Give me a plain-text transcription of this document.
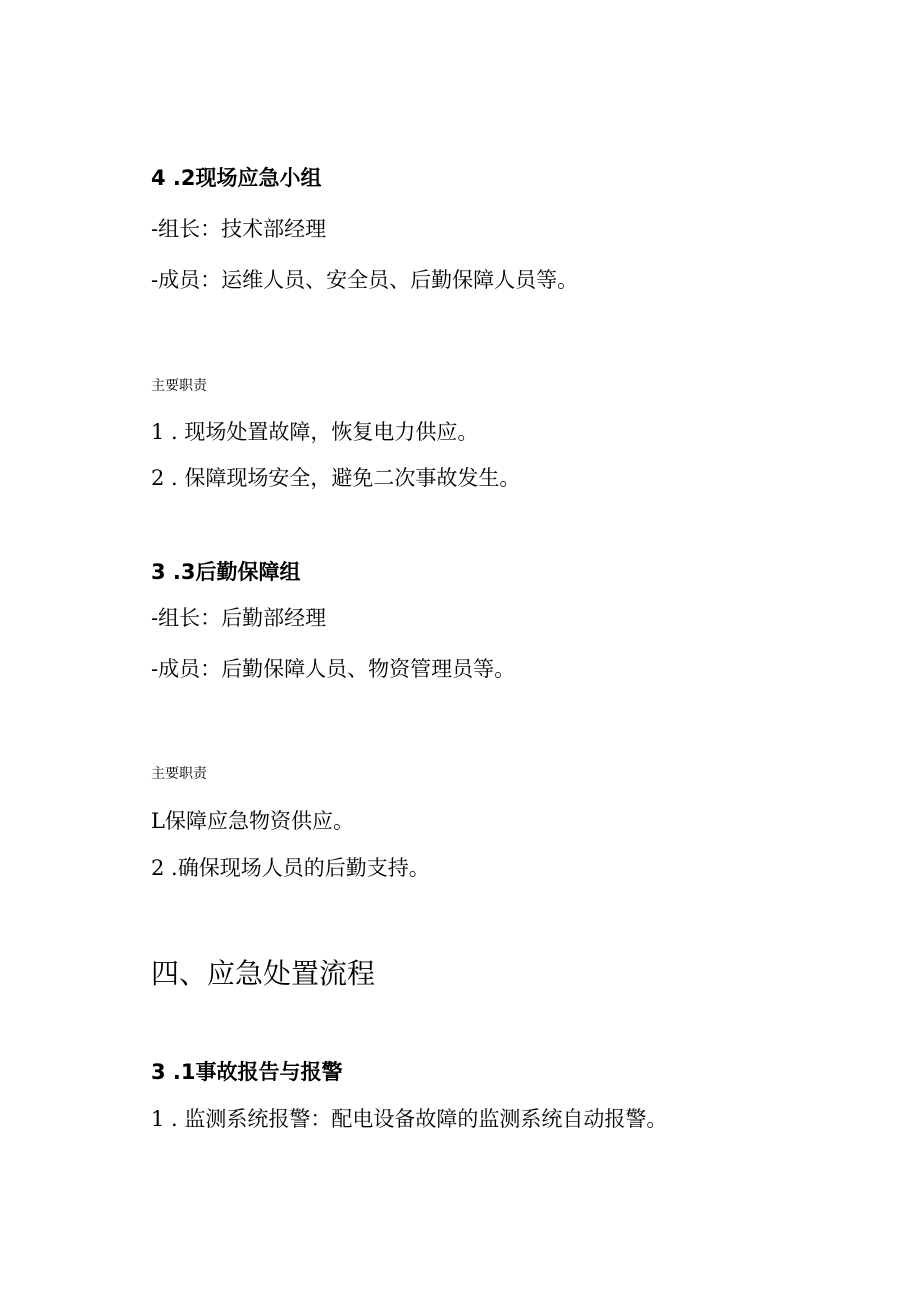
4 .2现场应急小组
-组长：技术部经理
-成员：运维人员、安全员、后勤保障人员等。
主要职责
1 . 现场处置故障，恢复电力供应。
2 . 保障现场安全，避免二次事故发生。
3 .3后勤保障组
-组长：后勤部经理
-成员：后勤保障人员、物资管理员等。
主要职责
L保障应急物资供应。
2 .确保现场人员的后勤支持。
四、应急处置流程
3 .1事故报告与报警
1 . 监测系统报警：配电设备故障的监测系统自动报警。
